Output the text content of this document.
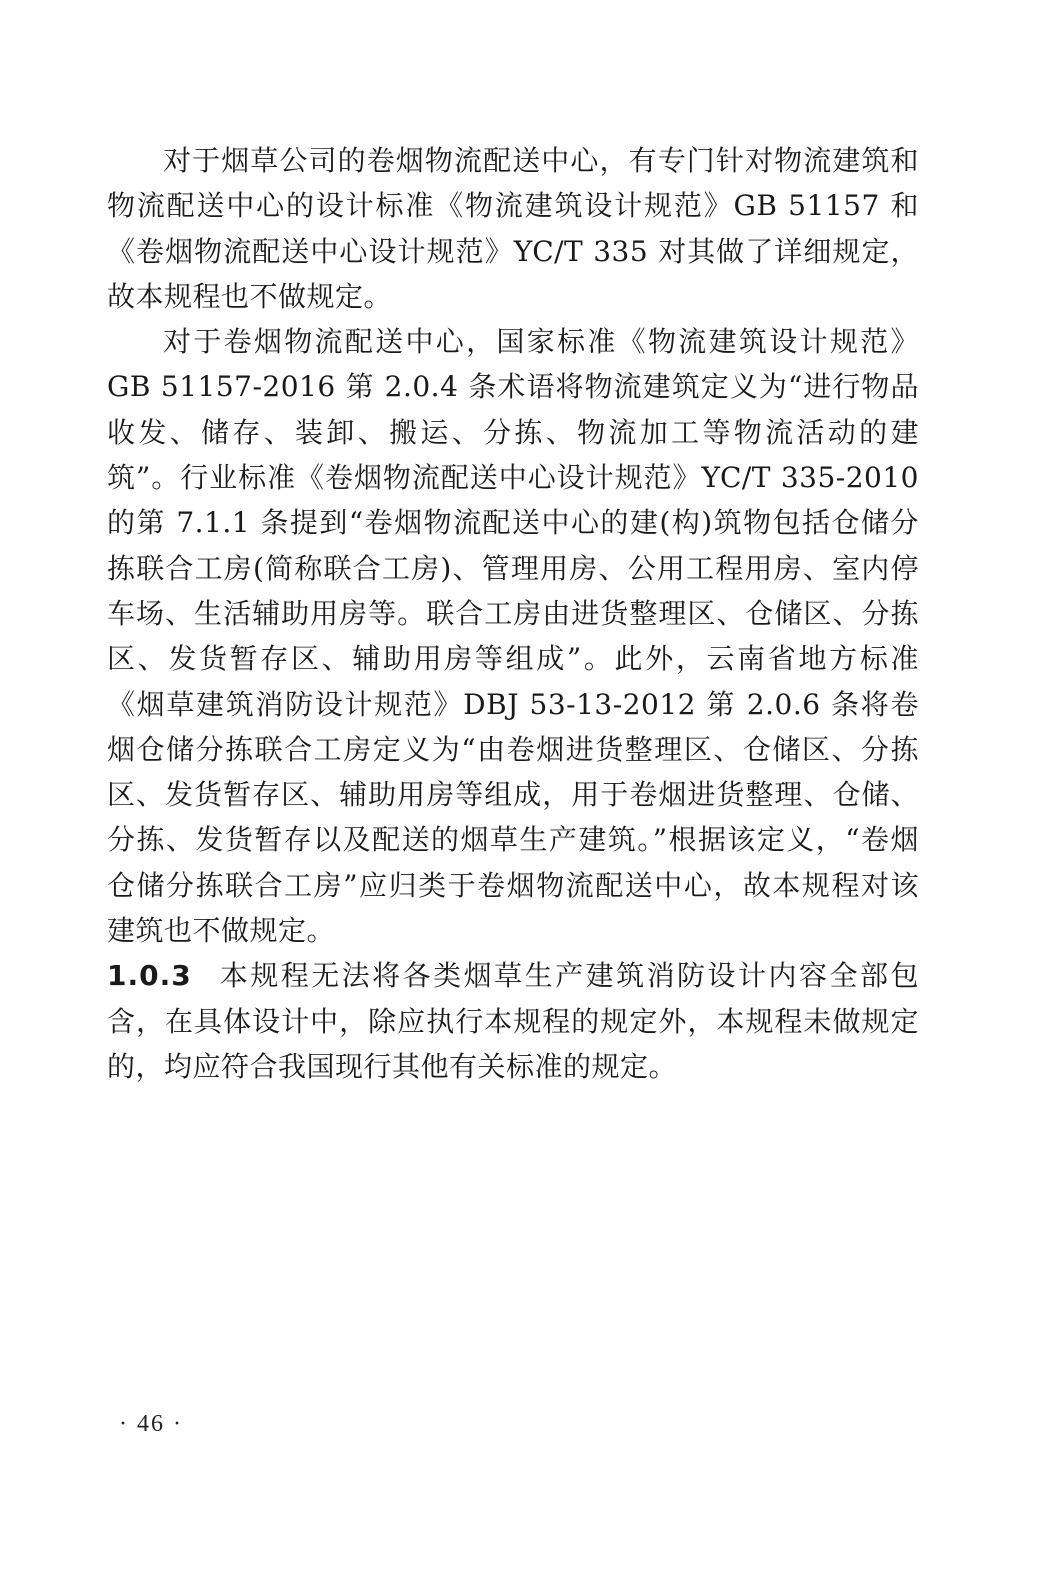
对于烟草公司的卷烟物流配送中心，有专门针对物流建筑和物流配送中心的设计标准《物流建筑设计规范》GB 51157 和《卷烟物流配送中心设计规范》YC/T 335 对其做了详细规定，故本规程也不做规定。

对于卷烟物流配送中心，国家标准《物流建筑设计规范》GB 51157-2016 第 2.0.4 条术语将物流建筑定义为“进行物品收发、储存、装卸、搬运、分拣、物流加工等物流活动的建筑”。行业标准《卷烟物流配送中心设计规范》YC/T 335-2010 的第 7.1.1 条提到“卷烟物流配送中心的建(构)筑物包括仓储分拣联合工房(简称联合工房)、管理用房、公用工程用房、室内停车场、生活辅助用房等。联合工房由进货整理区、仓储区、分拣区、发货暂存区、辅助用房等组成”。此外，云南省地方标准《烟草建筑消防设计规范》DBJ 53-13-2012 第 2.0.6 条将卷烟仓储分拣联合工房定义为“由卷烟进货整理区、仓储区、分拣区、发货暂存区、辅助用房等组成，用于卷烟进货整理、仓储、分拣、发货暂存以及配送的烟草生产建筑。”根据该定义，“卷烟仓储分拣联合工房”应归类于卷烟物流配送中心，故本规程对该建筑也不做规定。

1.0.3 本规程无法将各类烟草生产建筑消防设计内容全部包含，在具体设计中，除应执行本规程的规定外，本规程未做规定的，均应符合我国现行其他有关标准的规定。

· 46 ·
